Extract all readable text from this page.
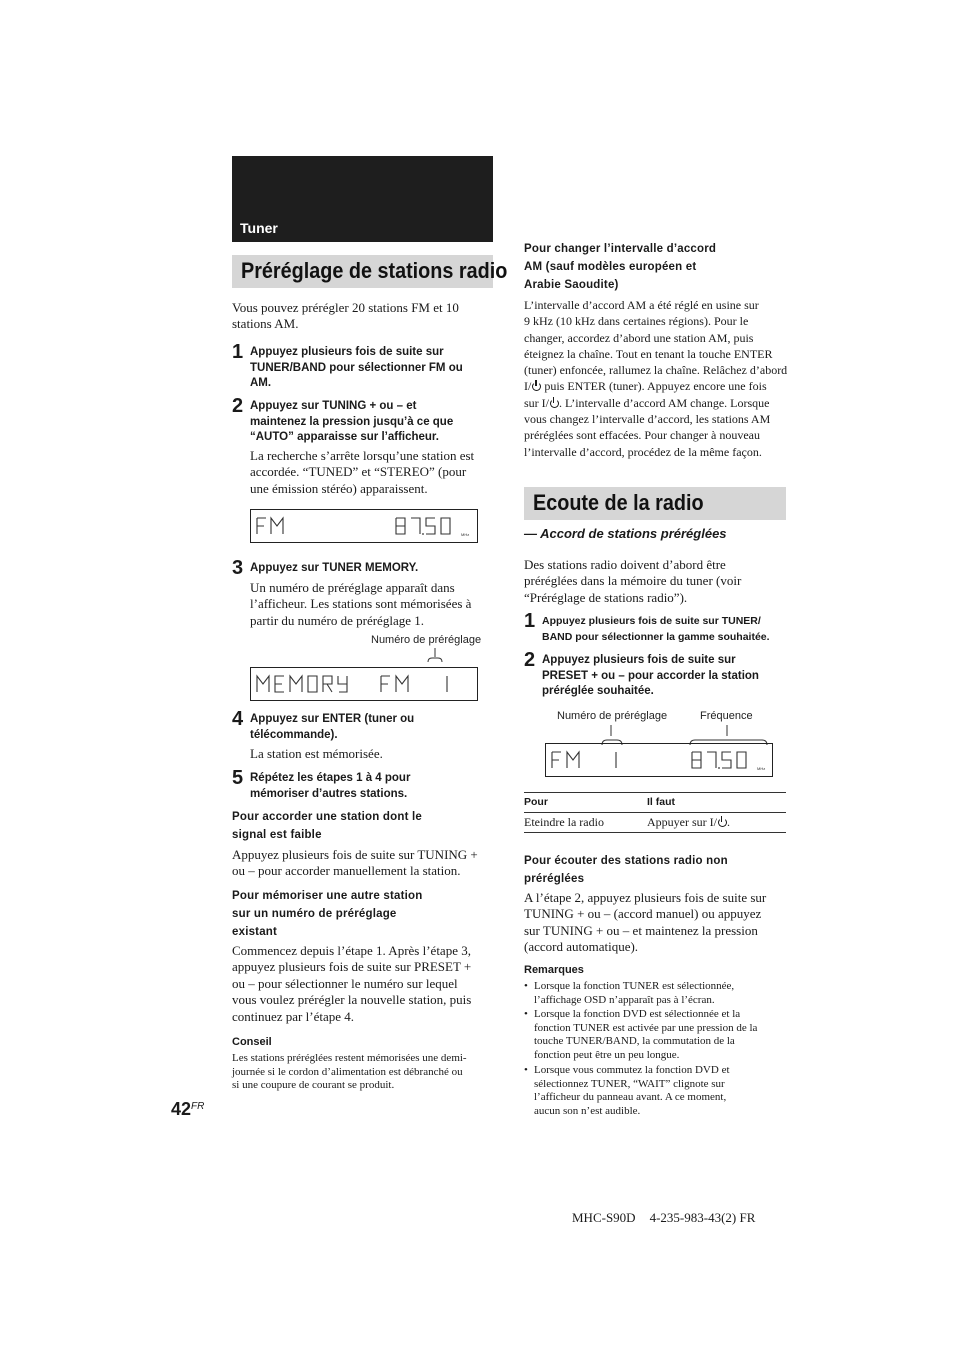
Tuner
Préréglage de stations radio
Vous pouvez prérégler 20 stations FM et 10
stations AM.
1 Appuyez plusieurs fois de suite sur
TUNER/BAND pour sélectionner FM ou
AM.
2 Appuyez sur TUNING + ou – et
maintenez la pression jusqu’à ce que
“AUTO” apparaisse sur l’afficheur.
La recherche s’arrête lorsqu’une station est
accordée. “TUNED” et “STEREO” (pour
une émission stéréo) apparaissent.
MHz
3 Appuyez sur TUNER MEMORY.
Un numéro de préréglage apparaît dans
l’afficheur. Les stations sont mémorisées à
partir du numéro de préréglage 1.
Numéro de préréglage
4 Appuyez sur ENTER (tuner ou
télécommande).
La station est mémorisée.
5 Répétez les étapes 1 à 4 pour
mémoriser d’autres stations.
Pour accorder une station dont le
signal est faible
Appuyez plusieurs fois de suite sur TUNING +
ou – pour accorder manuellement la station.
Pour mémoriser une autre station
sur un numéro de préréglage
existant
Commencez depuis l’étape 1. Après l’étape 3,
appuyez plusieurs fois de suite sur PRESET +
ou – pour sélectionner le numéro sur lequel
vous voulez prérégler la nouvelle station, puis
continuez par l’étape 4.
Conseil
Les stations préréglées restent mémorisées une demi-
journée si le cordon d’alimentation est débranché ou
si une coupure de courant se produit.
$42^{FR}$
Pour changer l’intervalle d’accord
AM (sauf modèles européen et
Arabie Saoudite)
L’intervalle d’accord AM a été réglé en usine sur
9 kHz (10 kHz dans certaines régions). Pour le
changer, accordez d’abord une station AM, puis
éteignez la chaîne. Tout en tenant la touche ENTER
(tuner) enfoncée, rallumez la chaîne. Relâchez d’abord
I/ puis ENTER (tuner). Appuyez encore une fois
sur I/ . L’intervalle d’accord AM change. Lorsque
vous changez l’intervalle d’accord, les stations AM
préréglées sont effacées. Pour changer à nouveau
l’intervalle d’accord, procédez de la même façon.
Ecoute de la radio
— Accord de stations préréglées
Des stations radio doivent d’abord être
préréglées dans la mémoire du tuner (voir
“Préréglage de stations radio”).
1 Appuyez plusieurs fois de suite sur TUNER/
BAND pour sélectionner la gamme souhaitée.
2 Appuyez plusieurs fois de suite sur
PRESET + ou – pour accorder la station
préréglée souhaitée.
Numéro de préréglage	Fréquence
MHz
Pour	Il faut
Eteindre la radio	Appuyer sur I/ .
Pour écouter des stations radio non
préréglées
A l’étape 2, appuyez plusieurs fois de suite sur
TUNING + ou – (accord manuel) ou appuyez
sur TUNING + ou – et maintenez la pression
(accord automatique).
Remarques
• Lorsque la fonction TUNER est sélectionnée,
l’affichage OSD n’apparaît pas à l’écran.
• Lorsque la fonction DVD est sélectionnée et la
fonction TUNER est activée par une pression de la
touche TUNER/BAND, la commutation de la
fonction peut être un peu longue.
• Lorsque vous commutez la fonction DVD et
sélectionnez TUNER, “WAIT” clignote sur
l’afficheur du panneau avant. A ce moment,
aucun son n’est audible.
MHC-S90D 4-235-983-43(2) FR
